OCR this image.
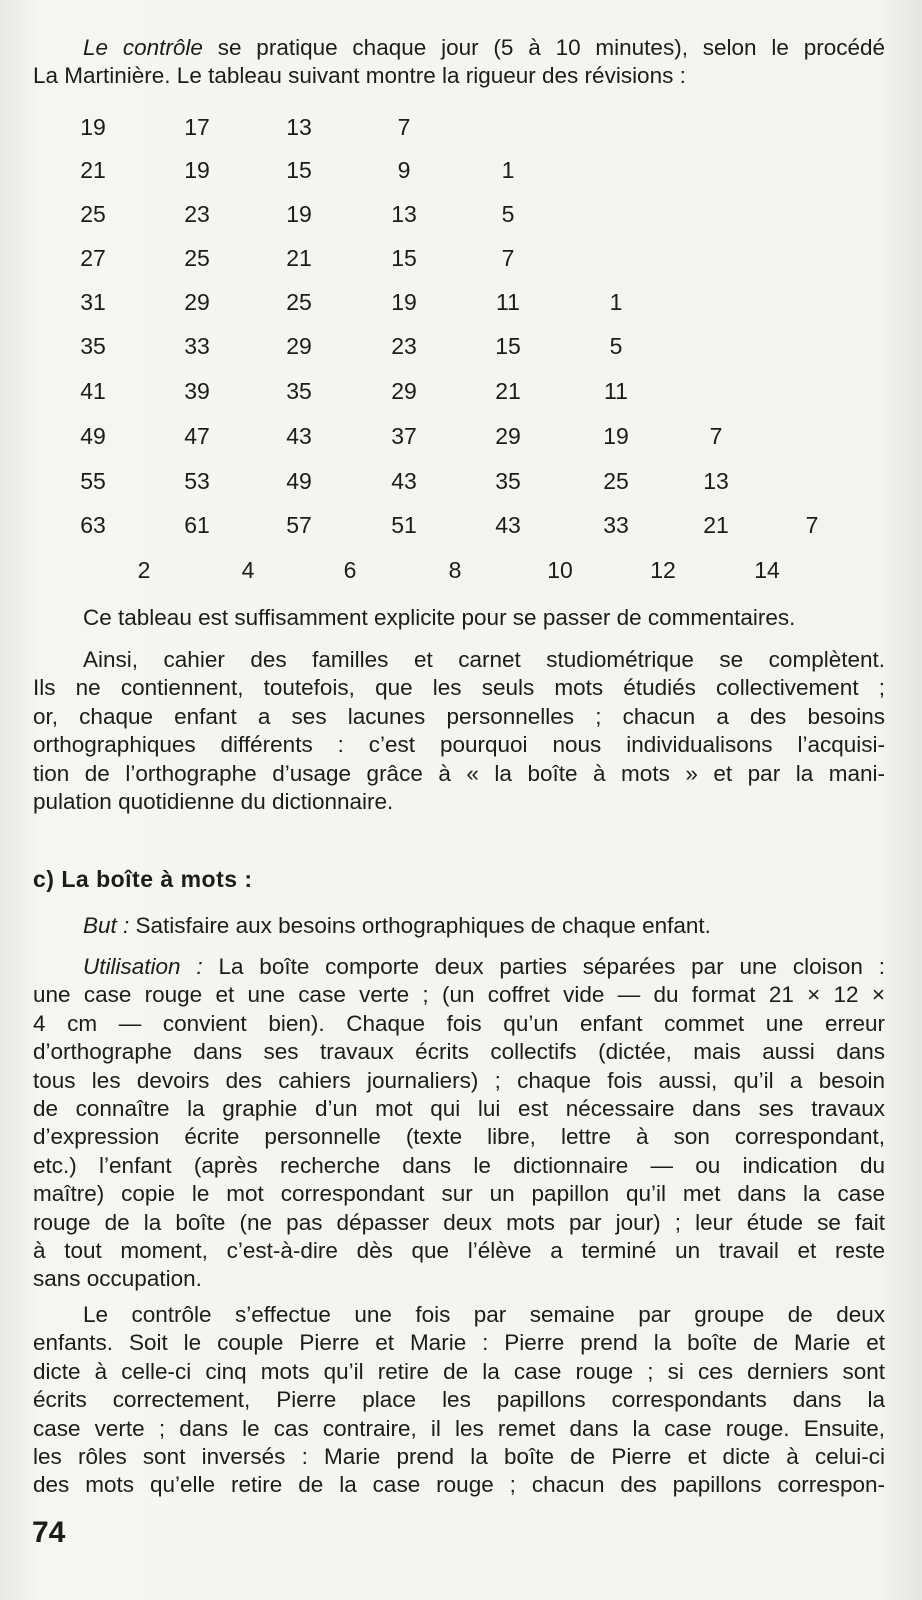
Le contrôle se pratique chaque jour (5 à 10 minutes), selon le procédé
La Martinière. Le tableau suivant montre la rigueur des révisions :
19	17	13	7
21	19	15	9	1
25	23	19	13	5
27	25	21	15	7
31	29	25	19	11	1
35	33	29	23	15	5
41	39	35	29	21	11
49	47	43	37	29	19	7
55	53	49	43	35	25	13
63	61	57	51	43	33	21	7
2	4	6	8	10	12	14
Ce tableau est suffisamment explicite pour se passer de commentaires.
Ainsi, cahier des familles et carnet studiométrique se complètent.
Ils ne contiennent, toutefois, que les seuls mots étudiés collectivement ;
or, chaque enfant a ses lacunes personnelles ; chacun a des besoins
orthographiques différents : c’est pourquoi nous individualisons l’acquisi-
tion de l’orthographe d’usage grâce à « la boîte à mots » et par la mani-
pulation quotidienne du dictionnaire.
c) La boîte à mots :
But : Satisfaire aux besoins orthographiques de chaque enfant.
Utilisation : La boîte comporte deux parties séparées par une cloison :
une case rouge et une case verte ; (un coffret vide — du format 21 × 12 ×
4 cm — convient bien). Chaque fois qu’un enfant commet une erreur
d’orthographe dans ses travaux écrits collectifs (dictée, mais aussi dans
tous les devoirs des cahiers journaliers) ; chaque fois aussi, qu’il a besoin
de connaître la graphie d’un mot qui lui est nécessaire dans ses travaux
d’expression écrite personnelle (texte libre, lettre à son correspondant,
etc.) l’enfant (après recherche dans le dictionnaire — ou indication du
maître) copie le mot correspondant sur un papillon qu’il met dans la case
rouge de la boîte (ne pas dépasser deux mots par jour) ; leur étude se fait
à tout moment, c’est-à-dire dès que l’élève a terminé un travail et reste
sans occupation.
Le contrôle s’effectue une fois par semaine par groupe de deux
enfants. Soit le couple Pierre et Marie : Pierre prend la boîte de Marie et
dicte à celle-ci cinq mots qu’il retire de la case rouge ; si ces derniers sont
écrits correctement, Pierre place les papillons correspondants dans la
case verte ; dans le cas contraire, il les remet dans la case rouge. Ensuite,
les rôles sont inversés : Marie prend la boîte de Pierre et dicte à celui-ci
des mots qu’elle retire de la case rouge ; chacun des papillons correspon-
74
